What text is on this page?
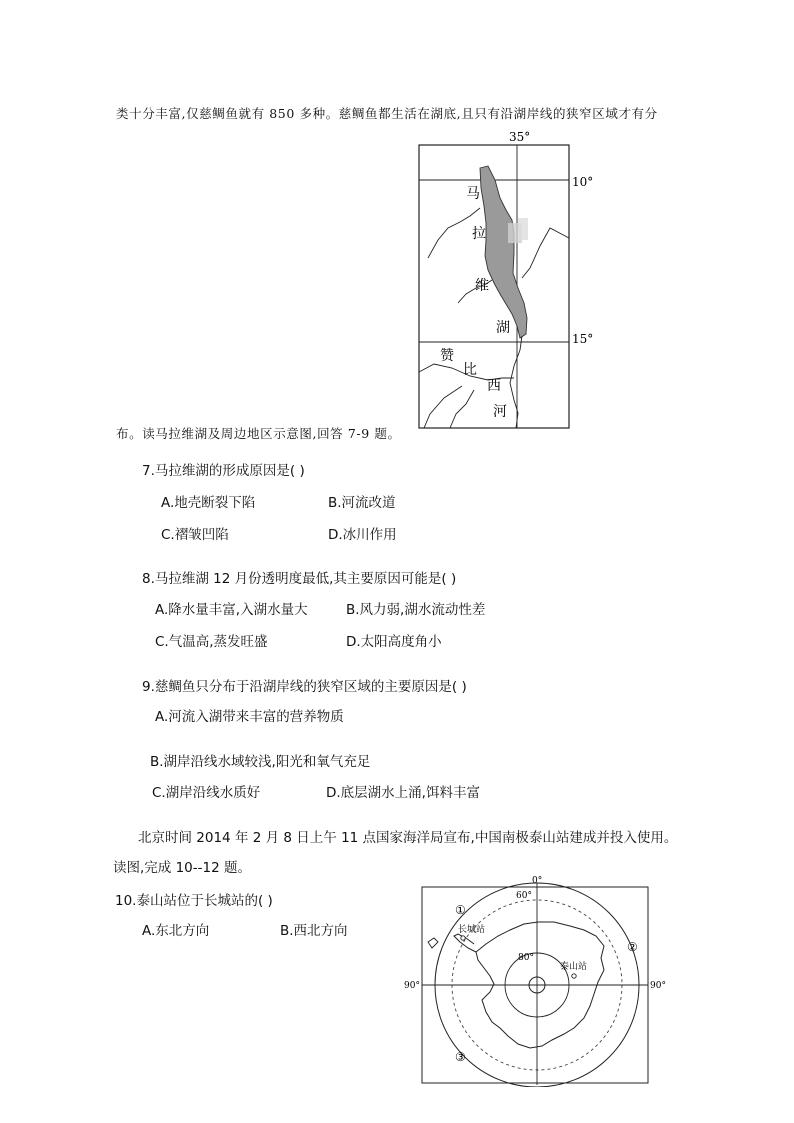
类十分丰富,仅慈鲷鱼就有 850 多种。慈鲷鱼都生活在湖底,且只有沿湖岸线的狭窄区域才有分
35°
10°
15°
马
拉
维
湖
赞
比
西
河
布。读马拉维湖及周边地区示意图,回答 7-9 题。
7.马拉维湖的形成原因是( )
A.地壳断裂下陷	B.河流改道
C.褶皱凹陷	D.冰川作用
8.马拉维湖 12 月份透明度最低,其主要原因可能是( )
A.降水量丰富,入湖水量大	B.风力弱,湖水流动性差
C.气温高,蒸发旺盛	D.太阳高度角小
9.慈鲷鱼只分布于沿湖岸线的狭窄区域的主要原因是( )
A.河流入湖带来丰富的营养物质
B.湖岸沿线水域较浅,阳光和氧气充足
C.湖岸沿线水质好	D.底层湖水上涌,饵料丰富
北京时间 2014 年 2 月 8 日上午 11 点国家海洋局宣布,中国南极泰山站建成并投入使用。
读图,完成 10--12 题。
10.泰山站位于长城站的( )
A.东北方向	B.西北方向
0°
60°
80°
90°	90°
长城站
泰山站
①
②
③
